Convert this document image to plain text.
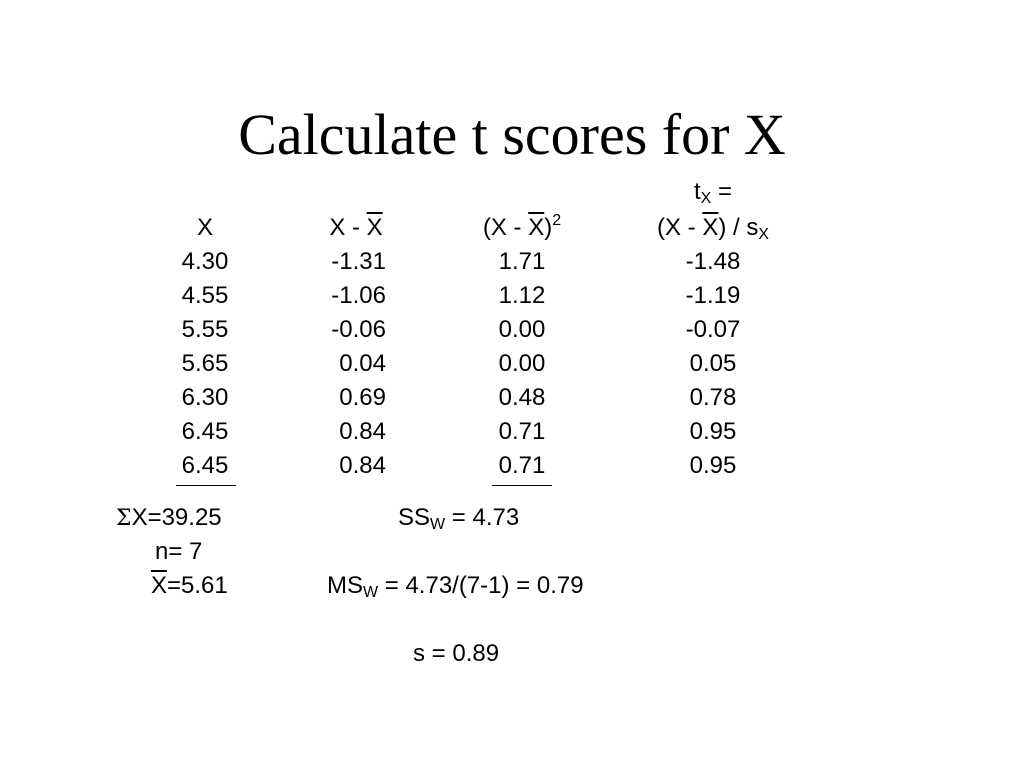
Calculate t scores for X
$t_X$ =
X	X - $\overline{X}$	$(X - \overline{X})^2$	$(X - \overline{X}) / s_X$
4.30	-1.31	1.71	-1.48
4.55	-1.06	1.12	-1.19
5.55	-0.06	0.00	-0.07
5.65	0.04	0.00	0.05
6.30	0.69	0.48	0.78
6.45	0.84	0.71	0.95
6.45	0.84	0.71	0.95
ΣX=39.25	$SS_W = 4.73$
n= 7
$\overline{X}=5.61$	$MS_W = 4.73/(7-1) = 0.79$
s = 0.89
